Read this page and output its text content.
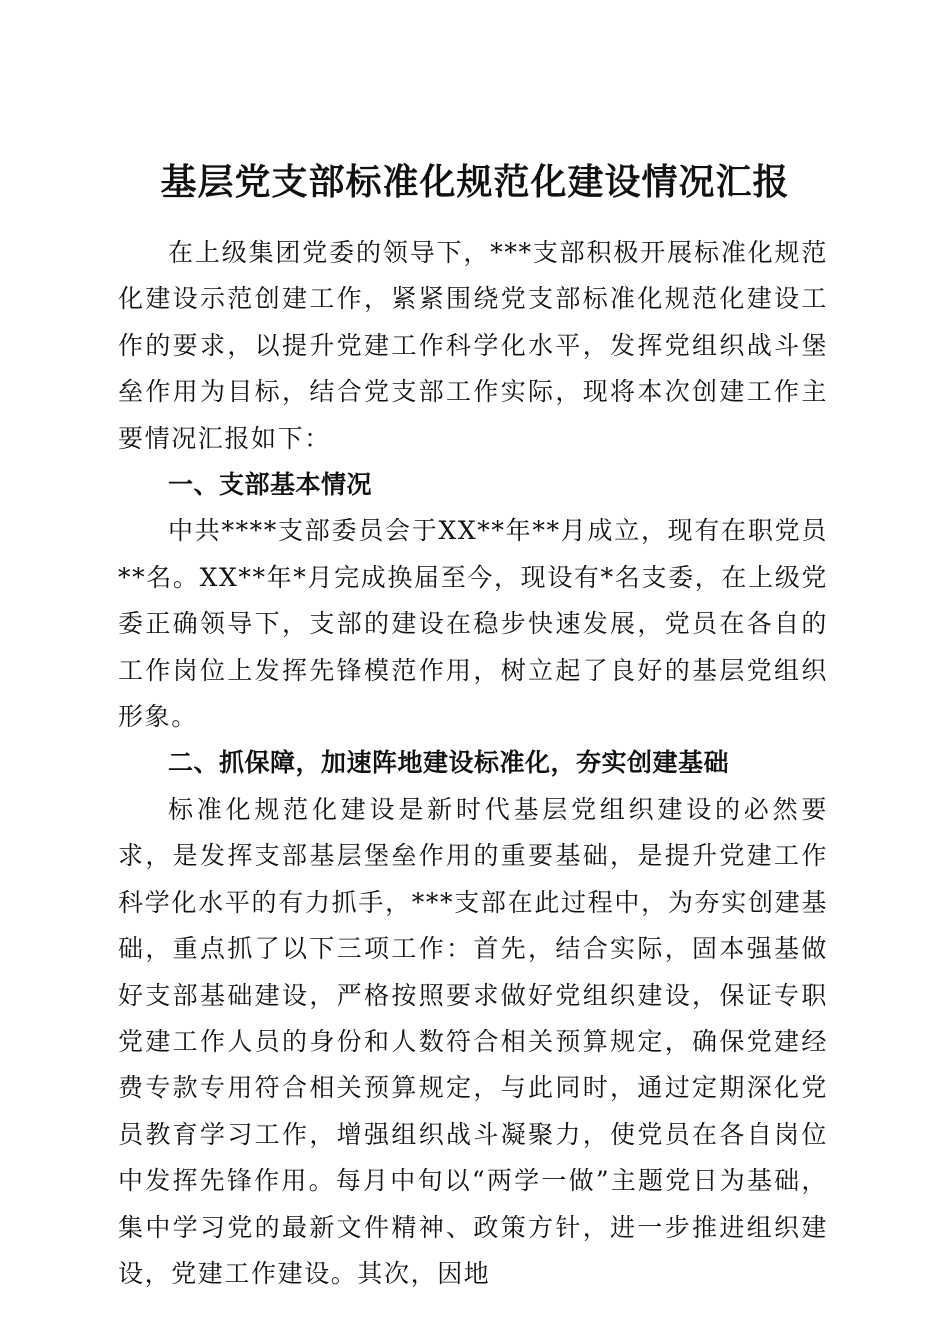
基层党支部标准化规范化建设情况汇报

在上级集团党委的领导下，***支部积极开展标准化规范化建设示范创建工作，紧紧围绕党支部标准化规范化建设工作的要求，以提升党建工作科学化水平，发挥党组织战斗堡垒作用为目标，结合党支部工作实际，现将本次创建工作主要情况汇报如下：

一、支部基本情况

中共****支部委员会于XX**年**月成立，现有在职党员**名。XX**年*月完成换届至今，现设有*名支委，在上级党委正确领导下，支部的建设在稳步快速发展，党员在各自的工作岗位上发挥先锋模范作用，树立起了良好的基层党组织形象。

二、抓保障，加速阵地建设标准化，夯实创建基础

标准化规范化建设是新时代基层党组织建设的必然要求，是发挥支部基层堡垒作用的重要基础，是提升党建工作科学化水平的有力抓手，***支部在此过程中，为夯实创建基础，重点抓了以下三项工作：首先，结合实际，固本强基做好支部基础建设，严格按照要求做好党组织建设，保证专职党建工作人员的身份和人数符合相关预算规定，确保党建经费专款专用符合相关预算规定，与此同时，通过定期深化党员教育学习工作，增强组织战斗凝聚力，使党员在各自岗位中发挥先锋作用。每月中旬以“两学一做”主题党日为基础，集中学习党的最新文件精神、政策方针，进一步推进组织建设，党建工作建设。其次，因地
